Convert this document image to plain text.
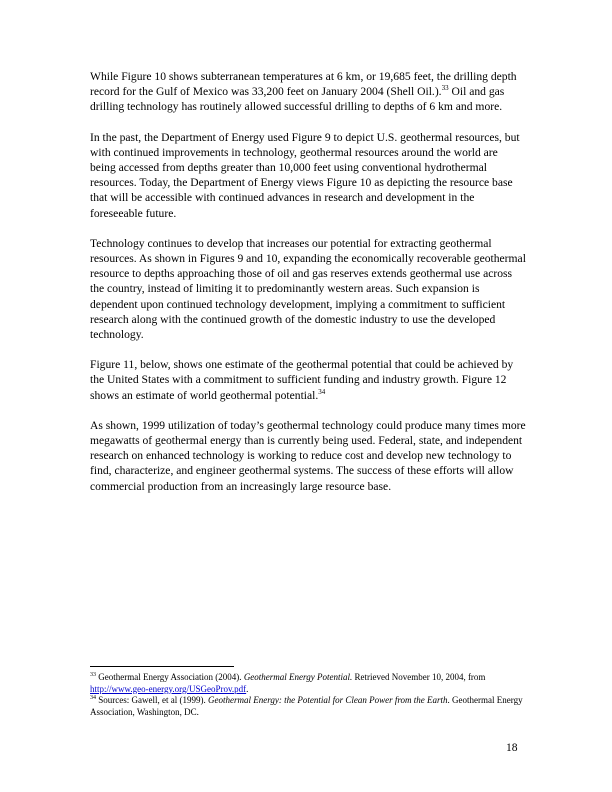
While Figure 10 shows subterranean temperatures at 6 km, or 19,685 feet, the drilling depth record for the Gulf of Mexico was 33,200 feet on January 2004 (Shell Oil.).$^{33}$ Oil and gas drilling technology has routinely allowed successful drilling to depths of 6 km and more.

In the past, the Department of Energy used Figure 9 to depict U.S. geothermal resources, but with continued improvements in technology, geothermal resources around the world are being accessed from depths greater than 10,000 feet using conventional hydrothermal resources. Today, the Department of Energy views Figure 10 as depicting the resource base that will be accessible with continued advances in research and development in the foreseeable future.

Technology continues to develop that increases our potential for extracting geothermal resources. As shown in Figures 9 and 10, expanding the economically recoverable geothermal resource to depths approaching those of oil and gas reserves extends geothermal use across the country, instead of limiting it to predominantly western areas. Such expansion is dependent upon continued technology development, implying a commitment to sufficient research along with the continued growth of the domestic industry to use the developed technology.

Figure 11, below, shows one estimate of the geothermal potential that could be achieved by the United States with a commitment to sufficient funding and industry growth. Figure 12 shows an estimate of world geothermal potential.$^{34}$

As shown, 1999 utilization of today’s geothermal technology could produce many times more megawatts of geothermal energy than is currently being used. Federal, state, and independent research on enhanced technology is working to reduce cost and develop new technology to find, characterize, and engineer geothermal systems. The success of these efforts will allow commercial production from an increasingly large resource base.

$^{33}$ Geothermal Energy Association (2004). Geothermal Energy Potential. Retrieved November 10, 2004, from http://www.geo-energy.org/USGeoProv.pdf.

$^{34}$ Sources: Gawell, et al (1999). Geothermal Energy: the Potential for Clean Power from the Earth. Geothermal Energy Association, Washington, DC.

18
